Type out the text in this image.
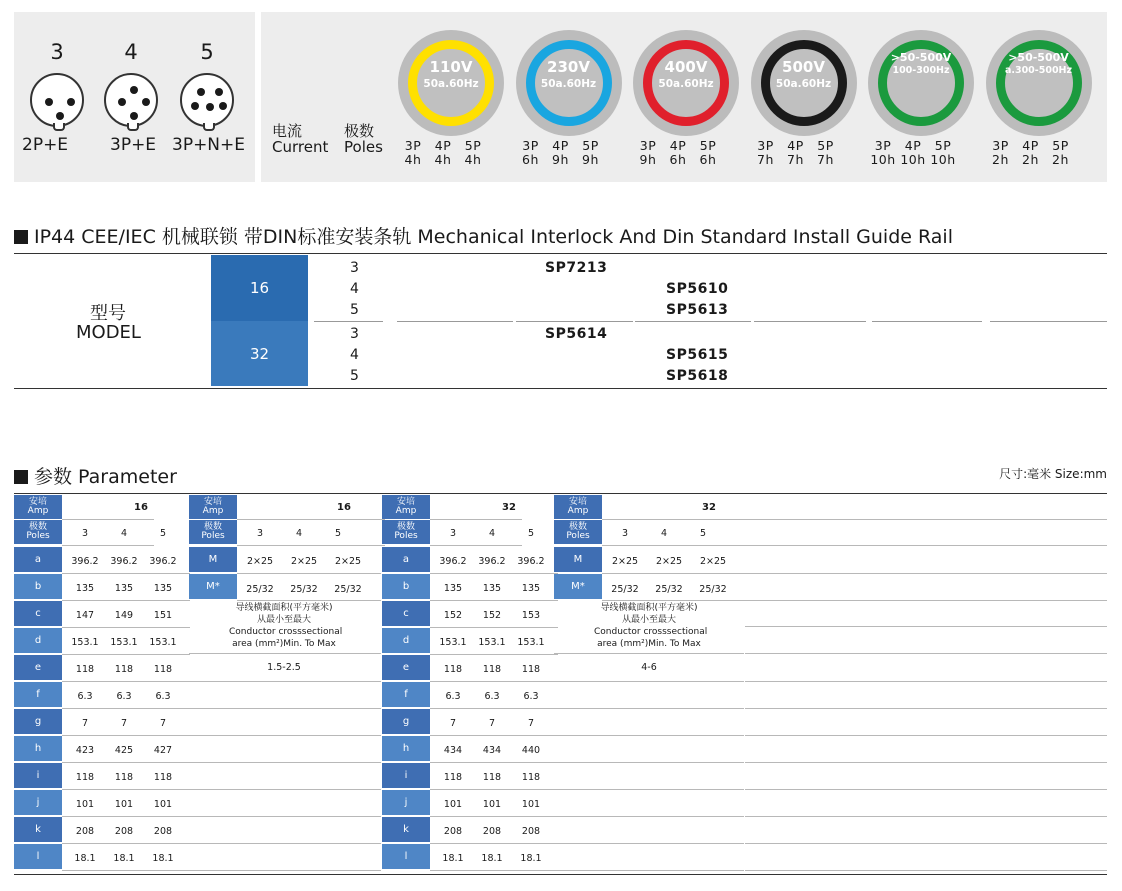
3
2P+E
4
3P+E
5
3P+N+E
110V
50a.60Hz
3P 4P 5P
4h 4h 4h
230V
50a.60Hz
3P 4P 5P
6h 9h 9h
400V
50a.60Hz
3P 4P 5P
9h 6h 6h
500V
50a.60Hz
3P 4P 5P
7h 7h 7h
>50-500V
100-300Hz
3P 4P 5P
10h 10h 10h
>50-500V
a.300-500Hz
3P 4P 5P
2h 2h 2h
电流	极数
Current Poles
IP44 CEE/IEC 机械联锁 带DIN标准安装条轨 Mechanical Interlock And Din Standard Install Guide Rail
型号
MODEL
16
3	SP7213
4	SP5610
5	SP5613
32
3	SP5614
4	SP5615
5	SP5618
参数 Parameter	尺寸:毫米 Size:mm
安培
Amp	16
极数
Poles	3	4	5
a	396.2	396.2	396.2
b	135	135	135
c	147	149	151
d	153.1	153.1	153.1
e	118	118	118
f	6.3	6.3	6.3
g	7	7	7
h	423	425	427
i	118	118	118
j	101	101	101
k	208	208	208
l	18.1	18.1	18.1
安培
Amp	32
极数
Poles	3	4	5
a	396.2	396.2	396.2
b	135	135	135
c	152	152	153
d	153.1	153.1	153.1
e	118	118	118
f	6.3	6.3	6.3
g	7	7	7
h	434	434	440
i	118	118	118
j	101	101	101
k	208	208	208
l	18.1	18.1	18.1
安培
Amp	16
极数
Poles	3	4	5
M	2×25	2×25	2×25
M*	25/32	25/32	25/32
导线横截面积(平方毫米)
从最小至最大
Conductor crosssectional
area (mm²)Min. To Max
1.5-2.5
安培
Amp	32
极数
Poles	3	4	5
M	2×25	2×25	2×25
M*	25/32	25/32	25/32
导线横截面积(平方毫米)
从最小至最大
Conductor crosssectional
area (mm²)Min. To Max
4-6
